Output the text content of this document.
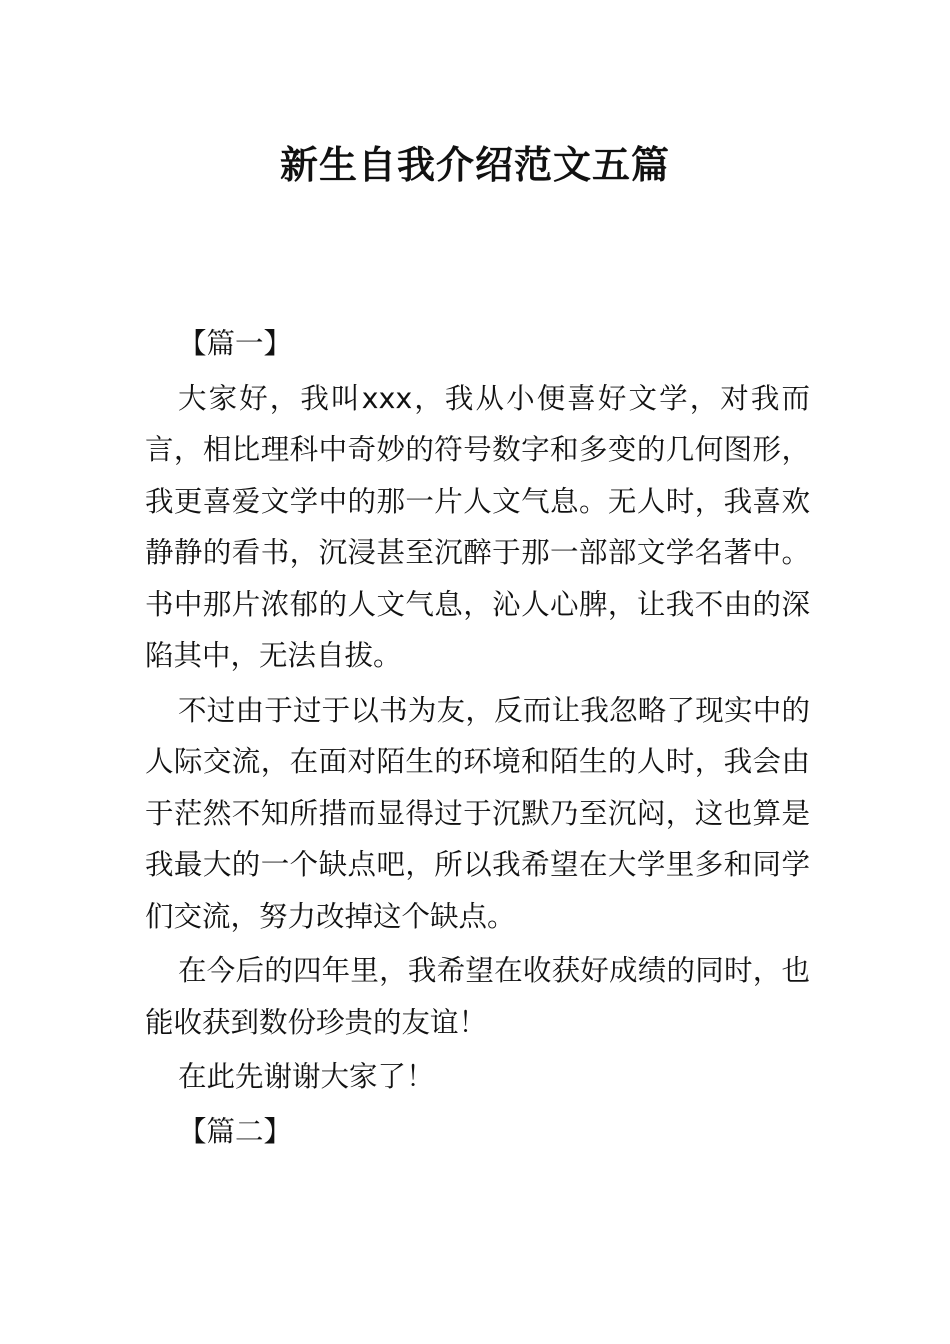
新生自我介绍范文五篇

【篇一】

大家好，我叫xxx，我从小便喜好文学，对我而言，相比理科中奇妙的符号数字和多变的几何图形，我更喜爱文学中的那一片人文气息。无人时，我喜欢静静的看书，沉浸甚至沉醉于那一部部文学名著中。书中那片浓郁的人文气息，沁人心脾，让我不由的深陷其中，无法自拔。

不过由于过于以书为友，反而让我忽略了现实中的人际交流，在面对陌生的环境和陌生的人时，我会由于茫然不知所措而显得过于沉默乃至沉闷，这也算是我最大的一个缺点吧，所以我希望在大学里多和同学们交流，努力改掉这个缺点。

在今后的四年里，我希望在收获好成绩的同时，也能收获到数份珍贵的友谊！

在此先谢谢大家了！

【篇二】
